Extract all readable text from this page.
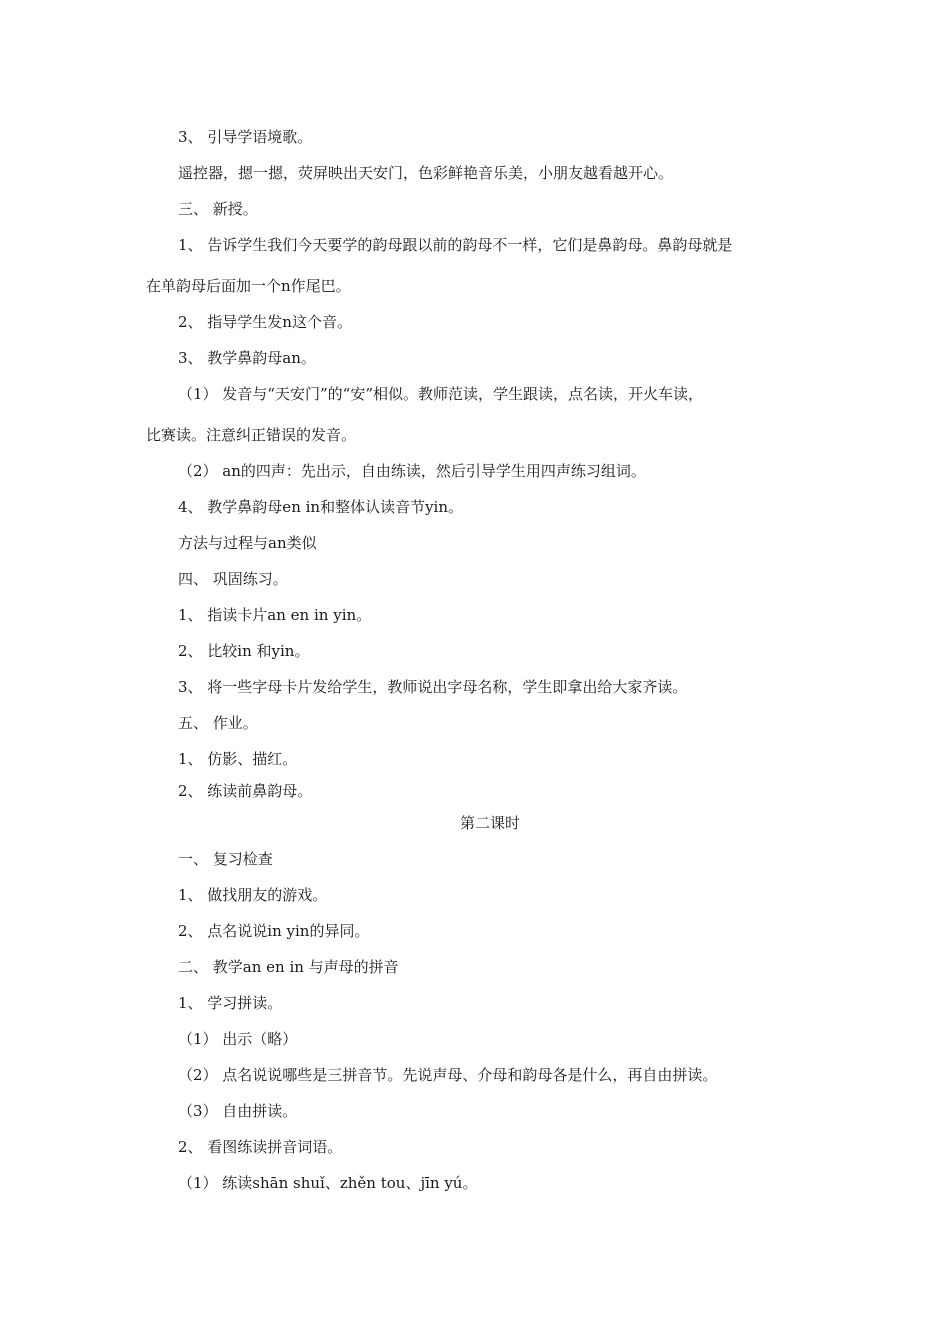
3、 引导学语境歌。
遥控器，摁一摁，荧屏映出天安门，色彩鲜艳音乐美，小朋友越看越开心。
三、 新授。
1、 告诉学生我们今天要学的韵母跟以前的韵母不一样，它们是鼻韵母。鼻韵母就是
在单韵母后面加一个n作尾巴。
2、 指导学生发n这个音。
3、 教学鼻韵母an。
（1） 发音与“天安门”的“安”相似。教师范读，学生跟读，点名读，开火车读，
比赛读。注意纠正错误的发音。
（2） an的四声：先出示，自由练读，然后引导学生用四声练习组词。
4、 教学鼻韵母en in和整体认读音节yin。
方法与过程与an类似
四、 巩固练习。
1、 指读卡片an en in yin。
2、 比较in 和yin。
3、 将一些字母卡片发给学生，教师说出字母名称，学生即拿出给大家齐读。
五、 作业。
1、 仿影、描红。
2、 练读前鼻韵母。
第二课时
一、 复习检查
1、 做找朋友的游戏。
2、 点名说说in yin的异同。
二、 教学an en in 与声母的拼音
1、 学习拼读。
（1） 出示（略）
（2） 点名说说哪些是三拼音节。先说声母、介母和韵母各是什么，再自由拼读。
（3） 自由拼读。
2、 看图练读拼音词语。
（1） 练读shān shuǐ、zhěn tou、jīn yú。
